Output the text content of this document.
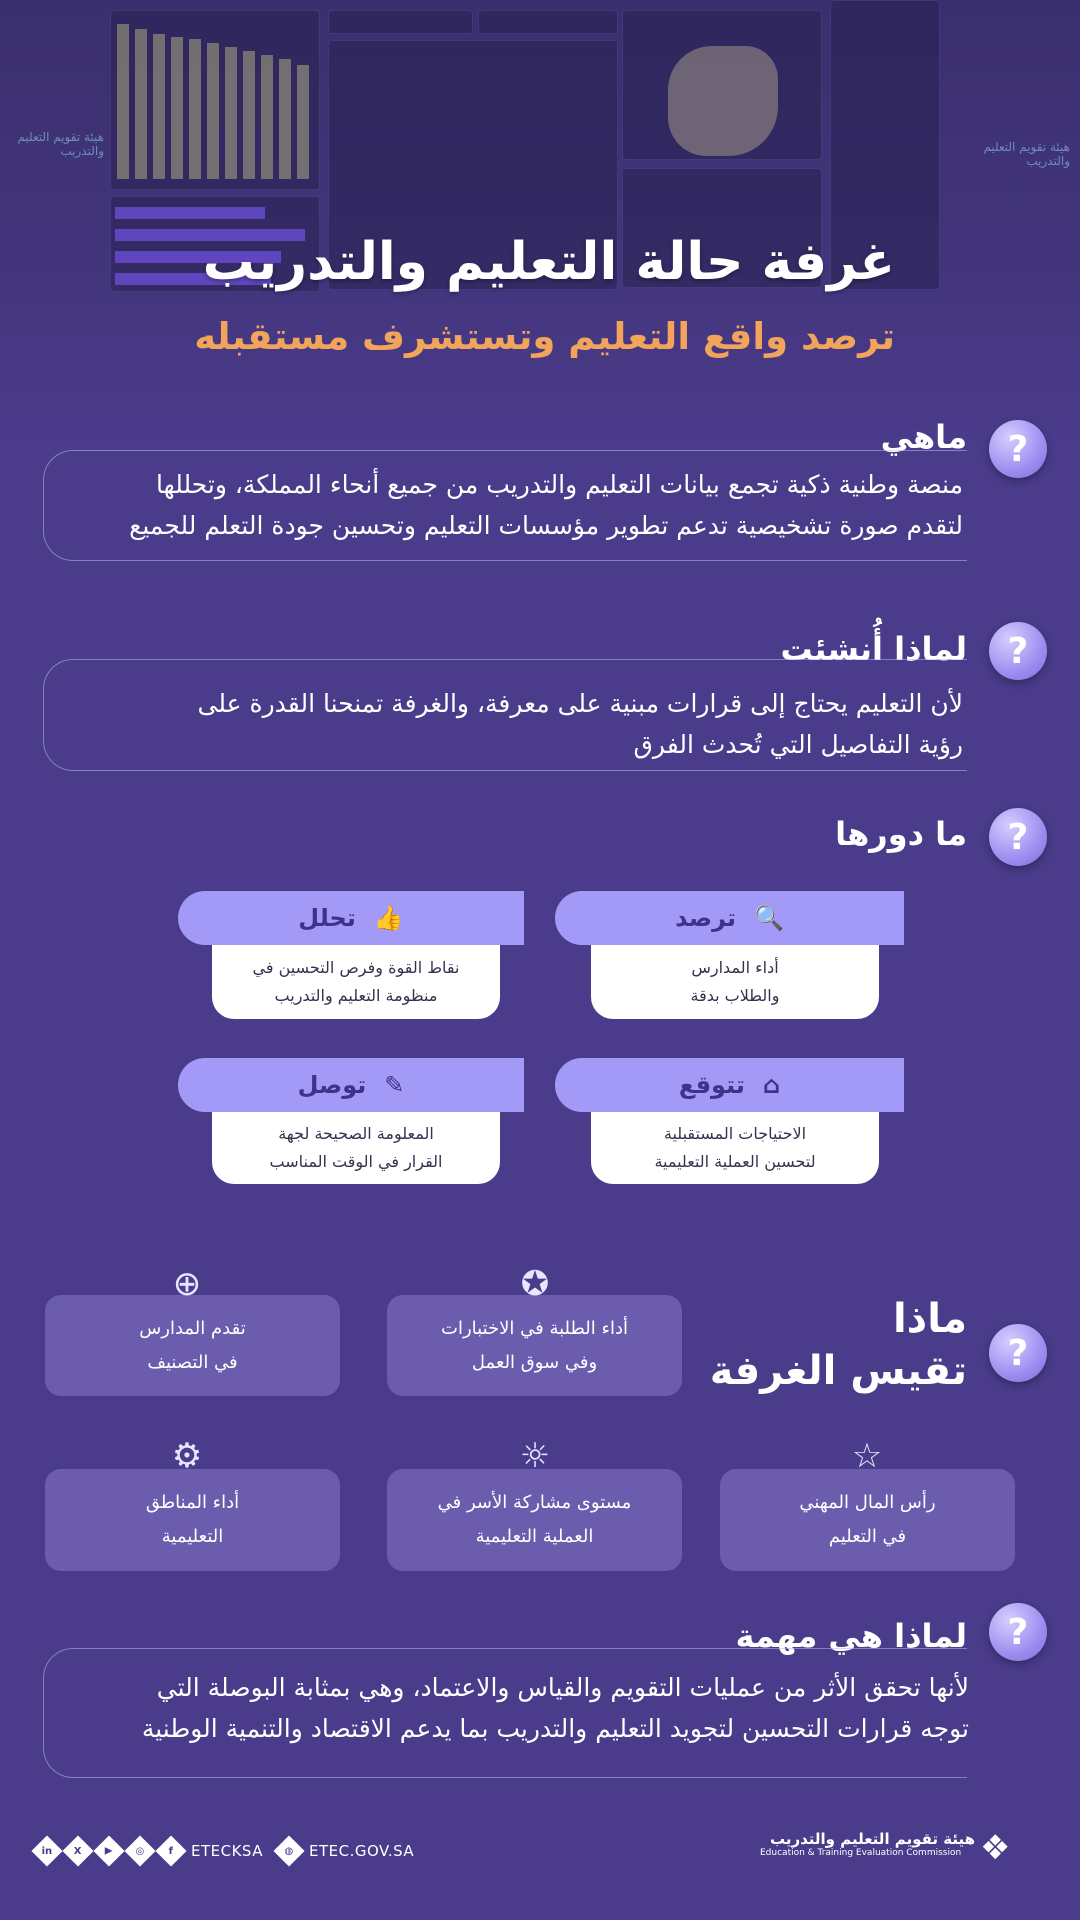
هيئة تقويم التعليم والتدريب	هيئة تقويم التعليم والتدريب
غرفة حالة التعليم والتدريب
ترصد واقع التعليم وتستشرف مستقبله
?
ماهي
منصة وطنية ذكية تجمع بيانات التعليم والتدريب من جميع أنحاء المملكة، وتحللها
لتقدم صورة تشخيصية تدعم تطوير مؤسسات التعليم وتحسين جودة التعلم للجميع
?
لماذا أُنشئت
لأن التعليم يحتاج إلى قرارات مبنية على معرفة، والغرفة تمنحنا القدرة على
رؤية التفاصيل التي تُحدث الفرق
?
ما دورها
🔍
ترصد
أداء المدارس
والطلاب بدقة
👍
تحلل
نقاط القوة وفرص التحسين في
منظومة التعليم والتدريب
⌂
تتوقع
الاحتياجات المستقبلية
لتحسين العملية التعليمية
✎
توصل
المعلومة الصحيحة لجهة
القرار في الوقت المناسب
?
ماذا
تقيس الغرفة
أداء الطلبة في الاختبارات
وفي سوق العمل
✪
تقدم المدارس
في التصنيف
⊕
رأس المال المهني
في التعليم
☆
مستوى مشاركة الأسر في
العملية التعليمية
☼
أداء المناطق
التعليمية
⚙
?
لماذا هي مهمة
لأنها تحقق الأثر من عمليات التقويم والقياس والاعتماد، وهي بمثابة البوصلة التي
توجه قرارات التحسين لتجويد التعليم والتدريب بما يدعم الاقتصاد والتنمية الوطنية
in X ▶ ◎ f ETECKSA ◍ ETEC.GOV.SA
هيئة تقويم التعليم والتدريب
Education & Training Evaluation Commission ❖
